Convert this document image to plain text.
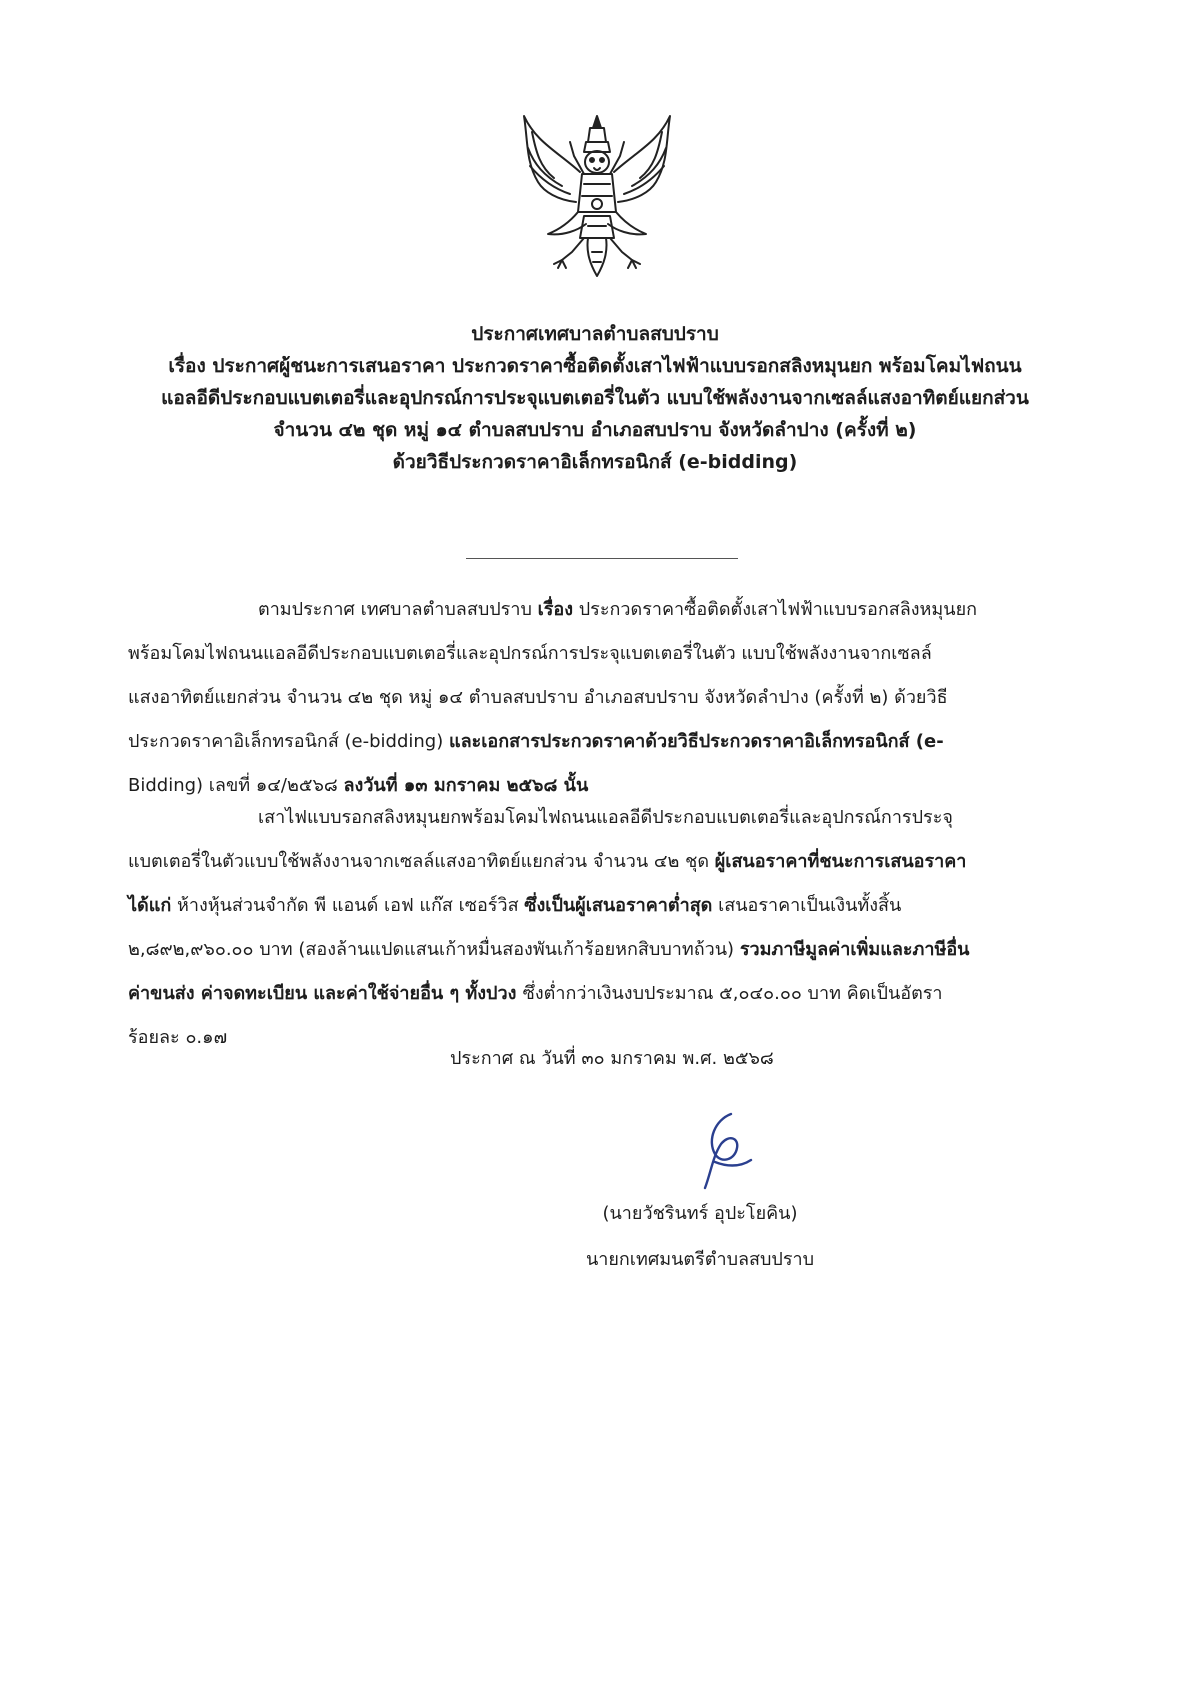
ประกาศเทศบาลตำบลสบปราบ
เรื่อง ประกาศผู้ชนะการเสนอราคา ประกวดราคาซื้อติดตั้งเสาไฟฟ้าแบบรอกสลิงหมุนยก พร้อมโคมไฟถนน
แอลอีดีประกอบแบตเตอรี่และอุปกรณ์การประจุแบตเตอรี่ในตัว แบบใช้พลังงานจากเซลล์แสงอาทิตย์แยกส่วน
จำนวน ๔๒ ชุด หมู่ ๑๔ ตำบลสบปราบ อำเภอสบปราบ จังหวัดลำปาง (ครั้งที่ ๒)
ด้วยวิธีประกวดราคาอิเล็กทรอนิกส์ (e-bidding)
ตามประกาศ เทศบาลตำบลสบปราบ เรื่อง ประกวดราคาซื้อติดตั้งเสาไฟฟ้าแบบรอกสลิงหมุนยก
พร้อมโคมไฟถนนแอลอีดีประกอบแบตเตอรี่และอุปกรณ์การประจุแบตเตอรี่ในตัว แบบใช้พลังงานจากเซลล์
แสงอาทิตย์แยกส่วน จำนวน ๔๒ ชุด หมู่ ๑๔ ตำบลสบปราบ อำเภอสบปราบ จังหวัดลำปาง (ครั้งที่ ๒) ด้วยวิธี
ประกวดราคาอิเล็กทรอนิกส์ (e-bidding) และเอกสารประกวดราคาด้วยวิธีประกวดราคาอิเล็กทรอนิกส์ (e-
Bidding) เลขที่ ๑๔/๒๕๖๘ ลงวันที่ ๑๓ มกราคม ๒๕๖๘ นั้น
เสาไฟแบบรอกสลิงหมุนยกพร้อมโคมไฟถนนแอลอีดีประกอบแบตเตอรี่และอุปกรณ์การประจุ
แบตเตอรี่ในตัวแบบใช้พลังงานจากเซลล์แสงอาทิตย์แยกส่วน จำนวน ๔๒ ชุด ผู้เสนอราคาที่ชนะการเสนอราคา
ได้แก่ ห้างหุ้นส่วนจำกัด พี แอนด์ เอฟ แก๊ส เซอร์วิส ซึ่งเป็นผู้เสนอราคาต่ำสุด เสนอราคาเป็นเงินทั้งสิ้น
๒,๘๙๒,๙๖๐.๐๐ บาท (สองล้านแปดแสนเก้าหมื่นสองพันเก้าร้อยหกสิบบาทถ้วน) รวมภาษีมูลค่าเพิ่มและภาษีอื่น
ค่าขนส่ง ค่าจดทะเบียน และค่าใช้จ่ายอื่น ๆ ทั้งปวง ซึ่งต่ำกว่าเงินงบประมาณ ๕,๐๔๐.๐๐ บาท คิดเป็นอัตรา
ร้อยละ ๐.๑๗
ประกาศ ณ วันที่ ๓๐ มกราคม พ.ศ. ๒๕๖๘
(นายวัชรินทร์ อุปะโยคิน)
นายกเทศมนตรีตำบลสบปราบ
